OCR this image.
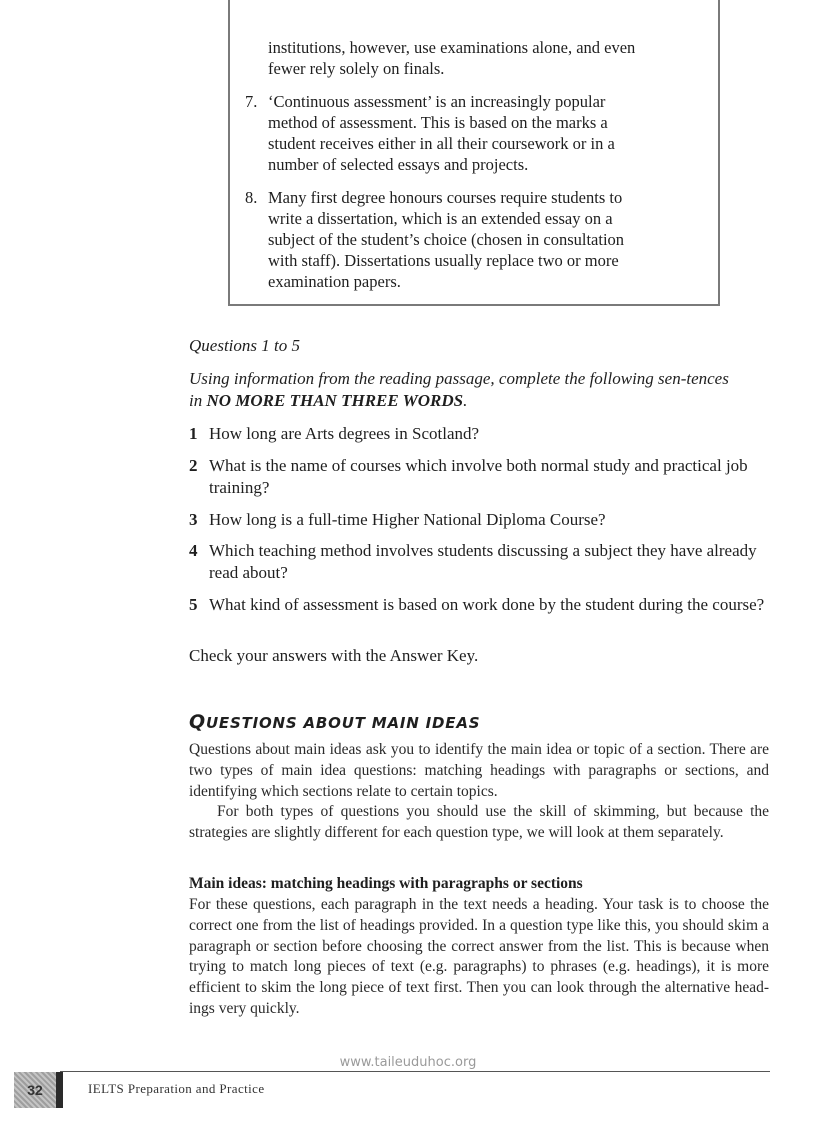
institutions, however, use examinations alone, and even

fewer rely solely on finals.

7. ‘Continuous assessment’ is an increasingly popular

method of assessment. This is based on the marks a

student receives either in all their coursework or in a

number of selected essays and projects.

8. Many first degree honours courses require students to

write a dissertation, which is an extended essay on a

subject of the student’s choice (chosen in consultation

with staff). Dissertations usually replace two or more

examination papers.

Questions 1 to 5

Using information from the reading passage, complete the following sen-tences in NO MORE THAN THREE WORDS.

1 How long are Arts degrees in Scotland?
2 What is the name of courses which involve both normal study and practical job training?
3 How long is a full-time Higher National Diploma Course?
4 Which teaching method involves students discussing a subject they have already read about?
5 What kind of assessment is based on work done by the student during the course?

Check your answers with the Answer Key.

QUESTIONS ABOUT MAIN IDEAS

Questions about main ideas ask you to identify the main idea or topic of a section. There are two types of main idea questions: matching headings with paragraphs or sections, and identifying which sections relate to certain topics.

For both types of questions you should use the skill of skimming, but because the strategies are slightly different for each question type, we will look at them separately.

Main ideas: matching headings with paragraphs or sections

For these questions, each paragraph in the text needs a heading. Your task is to choose the correct one from the list of headings provided. In a question type like this, you should skim a paragraph or section before choosing the correct answer from the list. This is because when trying to match long pieces of text (e.g. paragraphs) to phrases (e.g. headings), it is more efficient to skim the long piece of text first. Then you can look through the alternative head-ings very quickly.

www.taileuduhoc.org
32	IELTS Preparation and Practice
